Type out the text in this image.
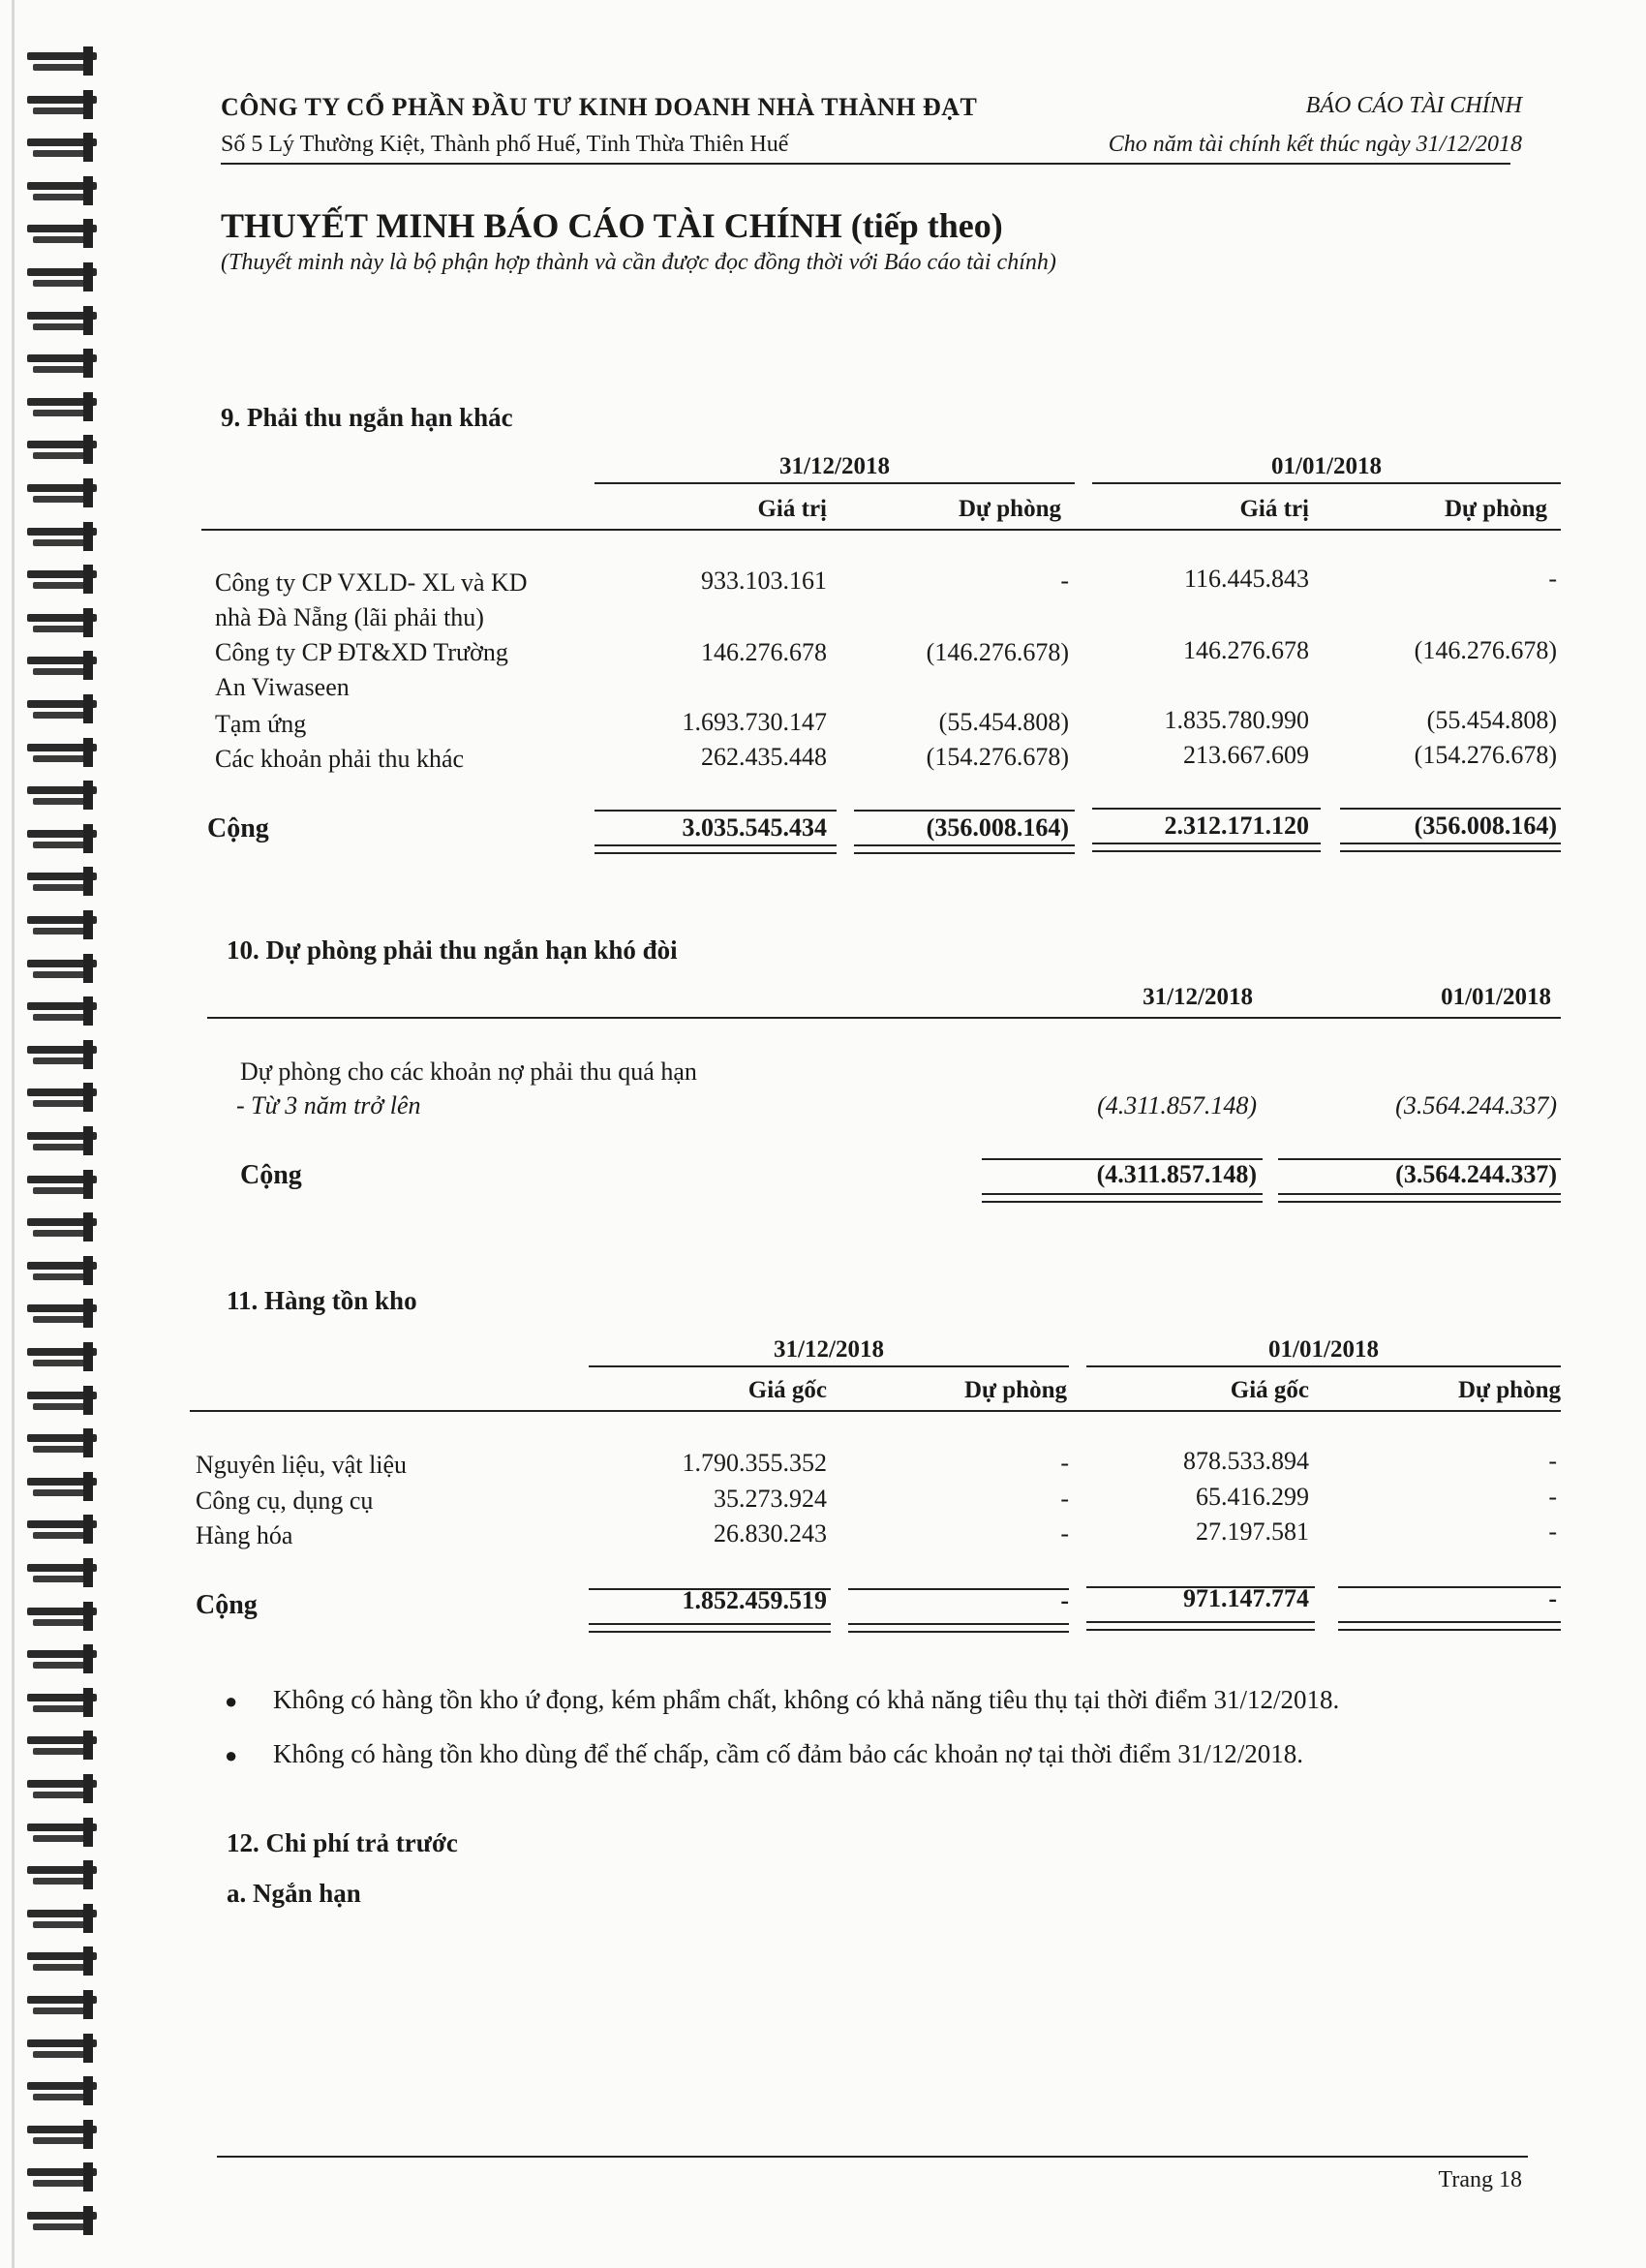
CÔNG TY CỔ PHẦN ĐẦU TƯ KINH DOANH NHÀ THÀNH ĐẠT	BÁO CÁO TÀI CHÍNH
Số 5 Lý Thường Kiệt, Thành phố Huế, Tỉnh Thừa Thiên Huế	Cho năm tài chính kết thúc ngày 31/12/2018
THUYẾT MINH BÁO CÁO TÀI CHÍNH (tiếp theo)
(Thuyết minh này là bộ phận hợp thành và cần được đọc đồng thời với Báo cáo tài chính)
9. Phải thu ngắn hạn khác
31/12/2018	01/01/2018
Giá trị	Dự phòng	Giá trị	Dự phòng
Công ty CP VXLD- XL và KD
nhà Đà Nẵng (lãi phải thu)
933.103.161	-	116.445.843	-
Công ty CP ĐT&XD Trường
An Viwaseen
146.276.678	(146.276.678)	146.276.678	(146.276.678)
Tạm ứng	1.693.730.147	(55.454.808)	1.835.780.990	(55.454.808)
Các khoản phải thu khác	262.435.448	(154.276.678)	213.667.609	(154.276.678)
Cộng	3.035.545.434	(356.008.164)	2.312.171.120	(356.008.164)
10. Dự phòng phải thu ngắn hạn khó đòi
31/12/2018	01/01/2018
Dự phòng cho các khoản nợ phải thu quá hạn
- Từ 3 năm trở lên	(4.311.857.148)	(3.564.244.337)
Cộng	(4.311.857.148)	(3.564.244.337)
11. Hàng tồn kho
31/12/2018	01/01/2018
Giá gốc	Dự phòng	Giá gốc	Dự phòng
Nguyên liệu, vật liệu	1.790.355.352	-	878.533.894	-
Công cụ, dụng cụ	35.273.924	-	65.416.299	-
Hàng hóa	26.830.243	-	27.197.581	-
Cộng	1.852.459.519	-	971.147.774	-
● Không có hàng tồn kho ứ đọng, kém phẩm chất, không có khả năng tiêu thụ tại thời điểm 31/12/2018.
● Không có hàng tồn kho dùng để thế chấp, cầm cố đảm bảo các khoản nợ tại thời điểm 31/12/2018.
12. Chi phí trả trước
a. Ngắn hạn
Trang 18
